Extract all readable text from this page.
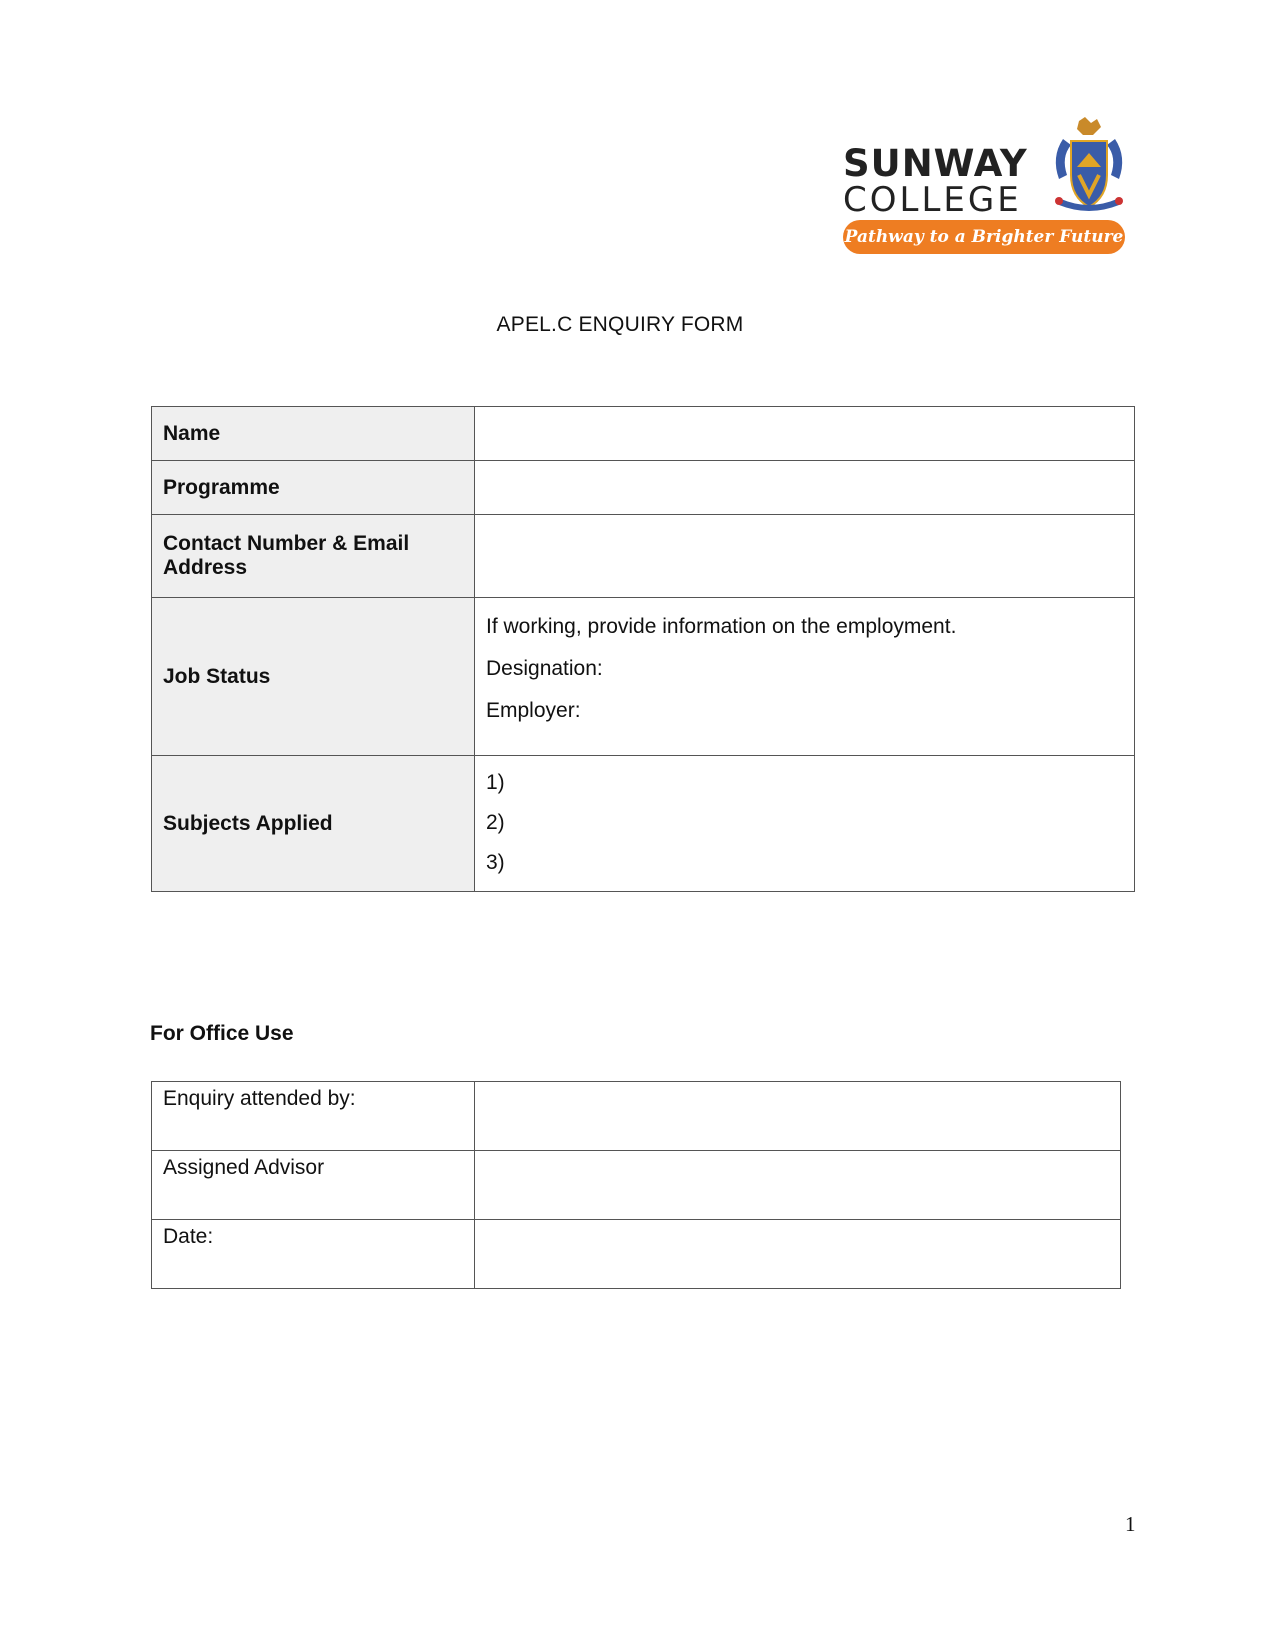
SUNWAY
COLLEGE
Pathway to a Brighter Future
APEL.C ENQUIRY FORM
Name	
Programme	
Contact Number & Email Address	
Job Status	If working, provide information on the employment.
Designation:
Employer:

Subjects Applied	1)
2)
3)
For Office Use
Enquiry attended by:	
Assigned Advisor	
Date:	
1
